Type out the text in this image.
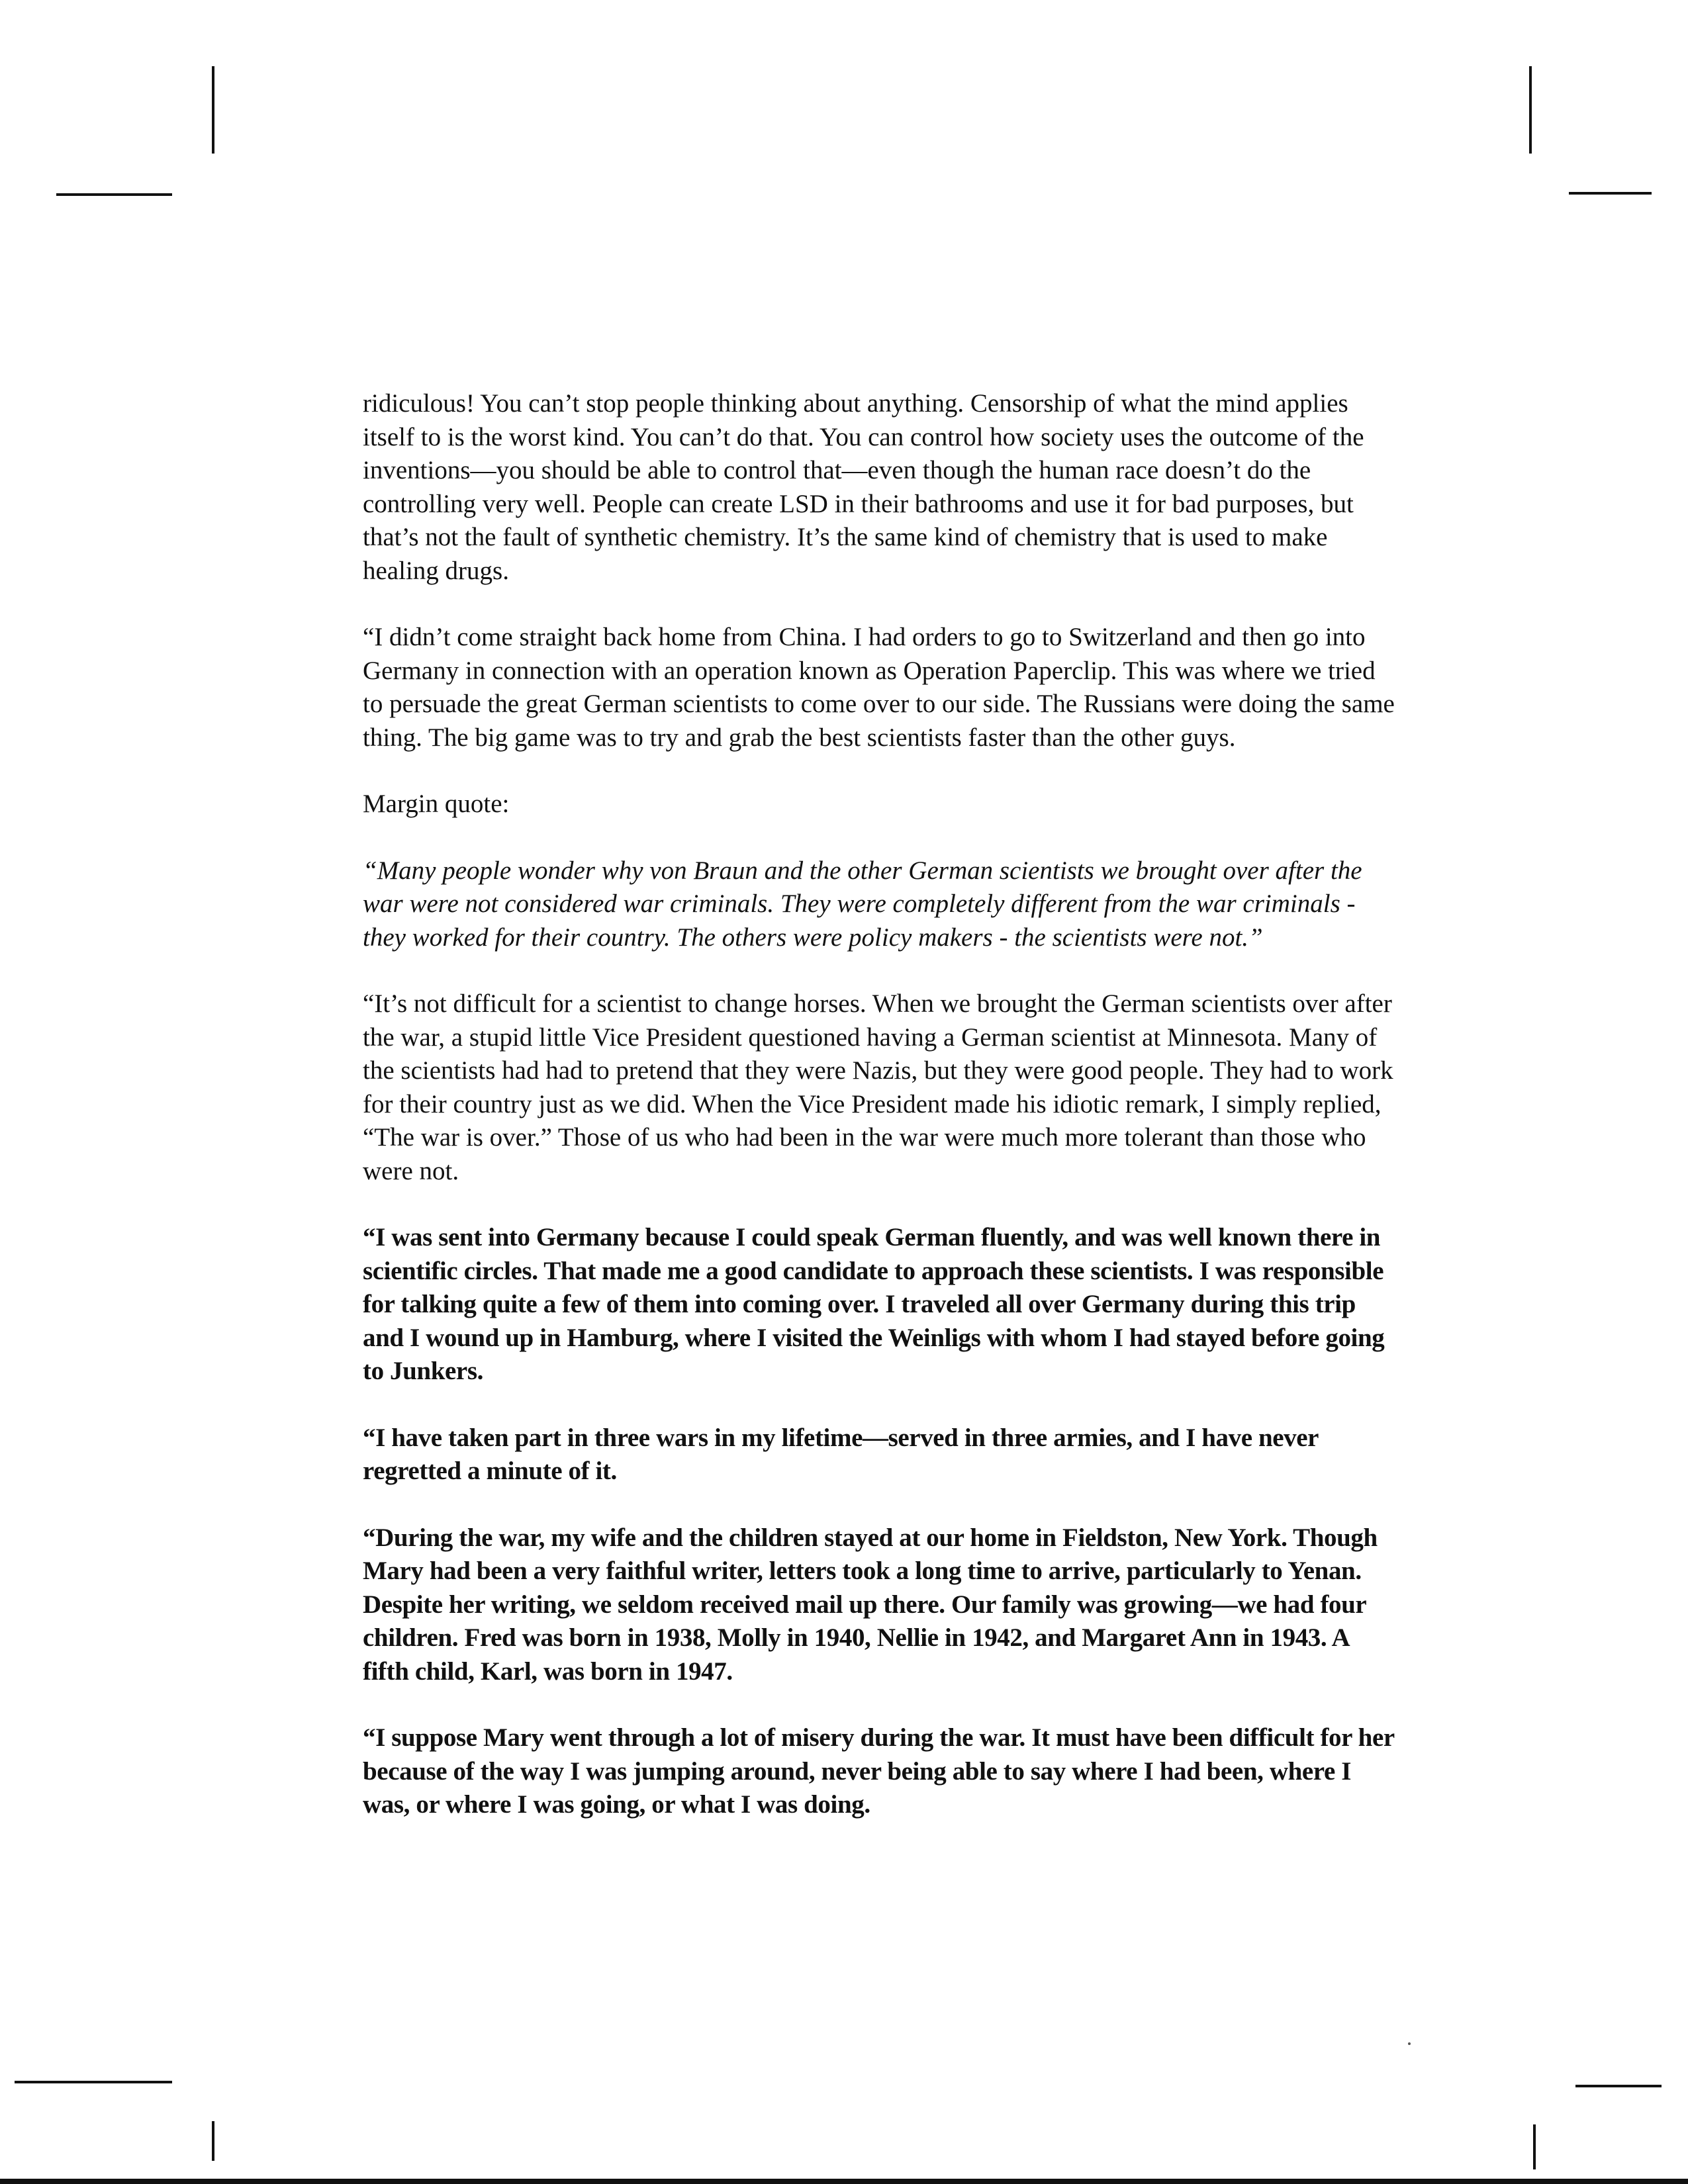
ridiculous! You can’t stop people thinking about anything. Censorship of what the mind applies itself to is the worst kind. You can’t do that. You can control how society uses the outcome of the inventions—you should be able to control that—even though the human race doesn’t do the controlling very well. People can create LSD in their bathrooms and use it for bad purposes, but that’s not the fault of synthetic chemistry. It’s the same kind of chemistry that is used to make healing drugs.

“I didn’t come straight back home from China. I had orders to go to Switzerland and then go into Germany in connection with an operation known as Operation Paperclip. This was where we tried to persuade the great German scientists to come over to our side. The Russians were doing the same thing. The big game was to try and grab the best scientists faster than the other guys.

Margin quote:

“Many people wonder why von Braun and the other German scientists we brought over after the war were not considered war criminals. They were completely different from the war criminals - they worked for their country. The others were policy makers - the scientists were not.”

“It’s not difficult for a scientist to change horses. When we brought the German scientists over after the war, a stupid little Vice President questioned having a German scientist at Minnesota. Many of the scientists had had to pretend that they were Nazis, but they were good people. They had to work for their country just as we did. When the Vice President made his idiotic remark, I simply replied, “The war is over.” Those of us who had been in the war were much more tolerant than those who were not.

“I was sent into Germany because I could speak German fluently, and was well known there in scientific circles. That made me a good candidate to approach these scientists. I was responsible for talking quite a few of them into coming over. I traveled all over Germany during this trip and I wound up in Hamburg, where I visited the Weinligs with whom I had stayed before going to Junkers.

“I have taken part in three wars in my lifetime—served in three armies, and I have never regretted a minute of it.

“During the war, my wife and the children stayed at our home in Fieldston, New York. Though Mary had been a very faithful writer, letters took a long time to arrive, particularly to Yenan. Despite her writing, we seldom received mail up there. Our family was growing—we had four children. Fred was born in 1938, Molly in 1940, Nellie in 1942, and Margaret Ann in 1943. A fifth child, Karl, was born in 1947.

“I suppose Mary went through a lot of misery during the war. It must have been difficult for her because of the way I was jumping around, never being able to say where I had been, where I was, or where I was going, or what I was doing.
